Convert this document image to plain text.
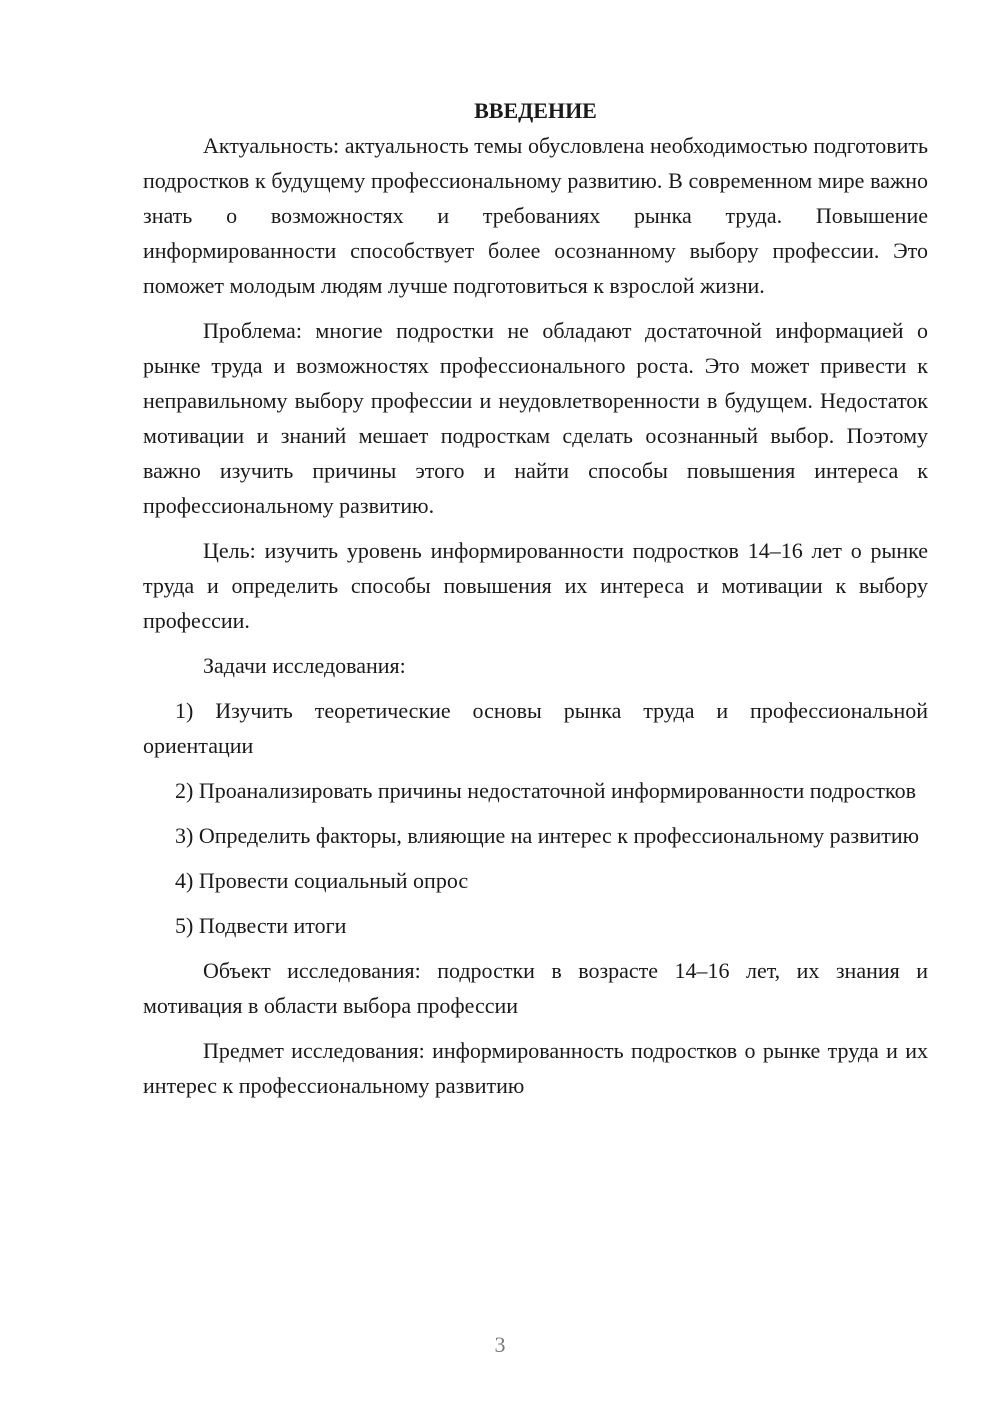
ВВЕДЕНИЕ

Актуальность: актуальность темы обусловлена необходимостью подготовить подростков к будущему профессиональному развитию. В современном мире важно знать о возможностях и требованиях рынка труда. Повышение информированности способствует более осознанному выбору профессии. Это поможет молодым людям лучше подготовиться к взрослой жизни.

Проблема: многие подростки не обладают достаточной информацией о рынке труда и возможностях профессионального роста. Это может привести к неправильному выбору профессии и неудовлетворенности в будущем. Недостаток мотивации и знаний мешает подросткам сделать осознанный выбор. Поэтому важно изучить причины этого и найти способы повышения интереса к профессиональному развитию.

Цель: изучить уровень информированности подростков 14–16 лет о рынке труда и определить способы повышения их интереса и мотивации к выбору профессии.

Задачи исследования:

1) Изучить теоретические основы рынка труда и профессиональной ориентации

2) Проанализировать причины недостаточной информированности подростков

3) Определить факторы, влияющие на интерес к профессиональному развитию

4) Провести социальный опрос

5) Подвести итоги

Объект исследования: подростки в возрасте 14–16 лет, их знания и мотивация в области выбора профессии

Предмет исследования: информированность подростков о рынке труда и их интерес к профессиональному развитию

3
